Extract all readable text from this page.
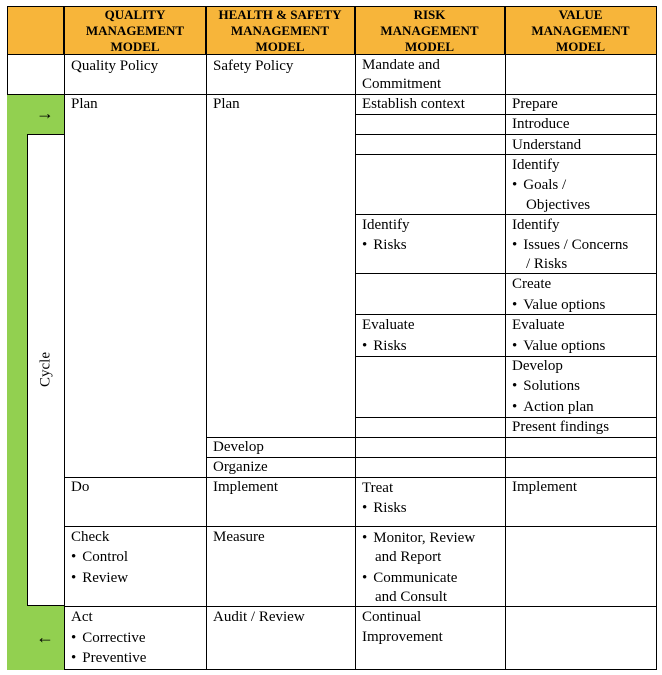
QUALITY
MANAGEMENT
MODEL
HEALTH & SAFETY
MANAGEMENT
MODEL
RISK
MANAGEMENT
MODEL
VALUE
MANAGEMENT
MODEL
Cycle
→
←
Quality Policy
Plan
Do
Check
• Control
• Review
Act
• Corrective
• Preventive
Safety Policy
Plan
Develop
Organize
Implement
Measure
Audit / Review
Mandate and
Commitment
Establish context
Identify
• Risks
Evaluate
• Risks
Treat
• Risks
• Monitor, Review
and Report
• Communicate
and Consult
Continual
Improvement
Prepare
Introduce
Understand
Identify
• Goals /
Objectives
Identify
• Issues / Concerns
/ Risks
Create
• Value options
Evaluate
• Value options
Develop
• Solutions
• Action plan
Present findings
Implement
